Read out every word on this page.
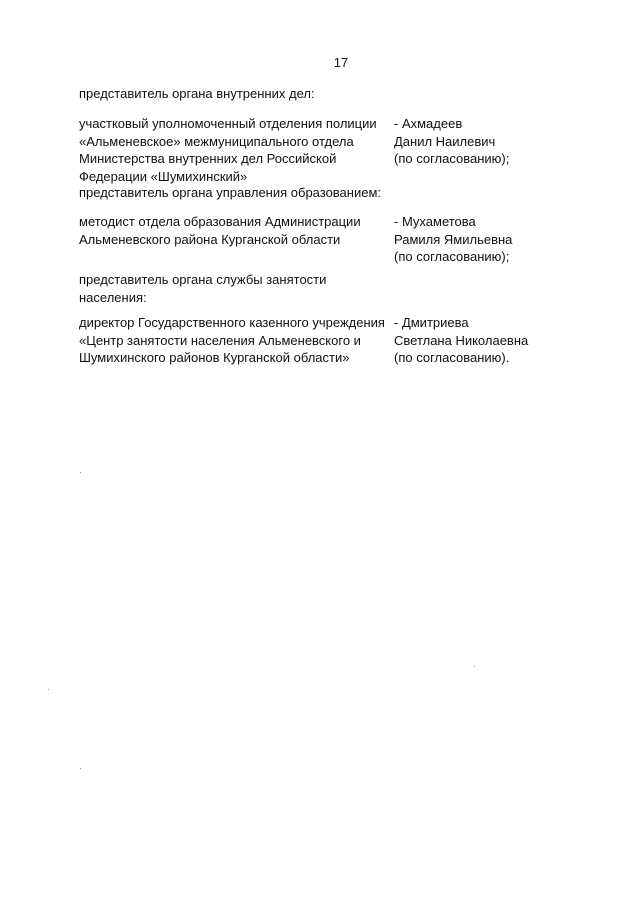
17
представитель органа внутренних дел:
участковый уполномоченный отделения полиции
«Альменевское» межмуниципального отдела
Министерства внутренних дел Российской
Федерации «Шумихинский»
- Ахмадеев
Данил Наилевич
(по согласованию);
представитель органа управления образованием:
методист отдела образования Администрации
Альменевского района Курганской области
- Мухаметова
Рамиля Ямильевна
(по согласованию);
представитель органа службы занятости
населения:
директор Государственного казенного учреждения
«Центр занятости населения Альменевского и
Шумихинского районов Курганской области»
- Дмитриева
Светлана Николаевна
(по согласованию).
